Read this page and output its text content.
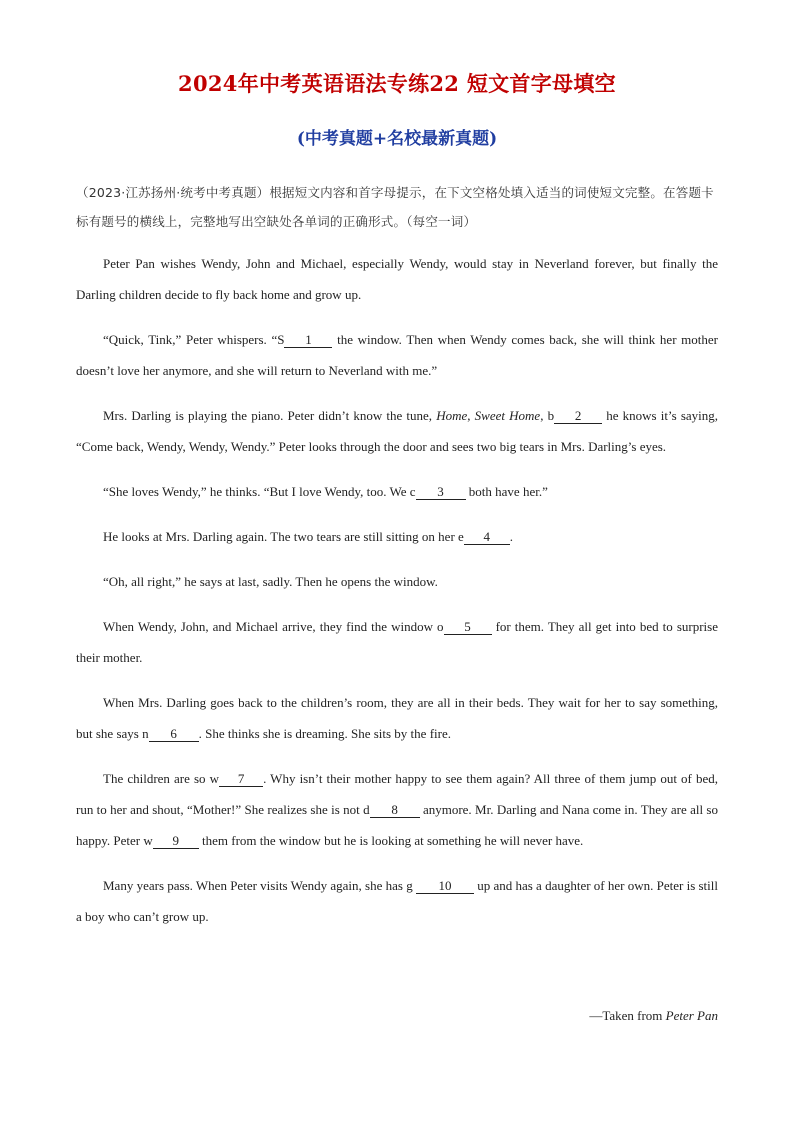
2024年中考英语语法专练22 短文首字母填空
(中考真题+名校最新真题)
（2023·江苏扬州·统考中考真题）根据短文内容和首字母提示，在下文空格处填入适当的词使短文完整。在答题卡标有题号的横线上，完整地写出空缺处各单词的正确形式。（每空一词）

Peter Pan wishes Wendy, John and Michael, especially Wendy, would stay in Neverland forever, but finally the Darling children decide to fly back home and grow up.

“Quick, Tink,” Peter whispers. “S 1 the window. Then when Wendy comes back, she will think her mother doesn’t love her anymore, and she will return to Neverland with me.”

Mrs. Darling is playing the piano. Peter didn’t know the tune, Home, Sweet Home, b 2 he knows it’s saying, “Come back, Wendy, Wendy, Wendy.” Peter looks through the door and sees two big tears in Mrs. Darling’s eyes.

“She loves Wendy,” he thinks. “But I love Wendy, too. We c 3 both have her.”

He looks at Mrs. Darling again. The two tears are still sitting on her e 4 .

“Oh, all right,” he says at last, sadly. Then he opens the window.

When Wendy, John, and Michael arrive, they find the window o 5 for them. They all get into bed to surprise their mother.

When Mrs. Darling goes back to the children’s room, they are all in their beds. They wait for her to say something, but she says n 6 . She thinks she is dreaming. She sits by the fire.

The children are so w 7 . Why isn’t their mother happy to see them again? All three of them jump out of bed, run to her and shout, “Mother!” She realizes she is not d 8 anymore. Mr. Darling and Nana come in. They are all so happy. Peter w 9 them from the window but he is looking at something he will never have.

Many years pass. When Peter visits Wendy again, she has g 10 up and has a daughter of her own. Peter is still a boy who can’t grow up.

—Taken from Peter Pan
